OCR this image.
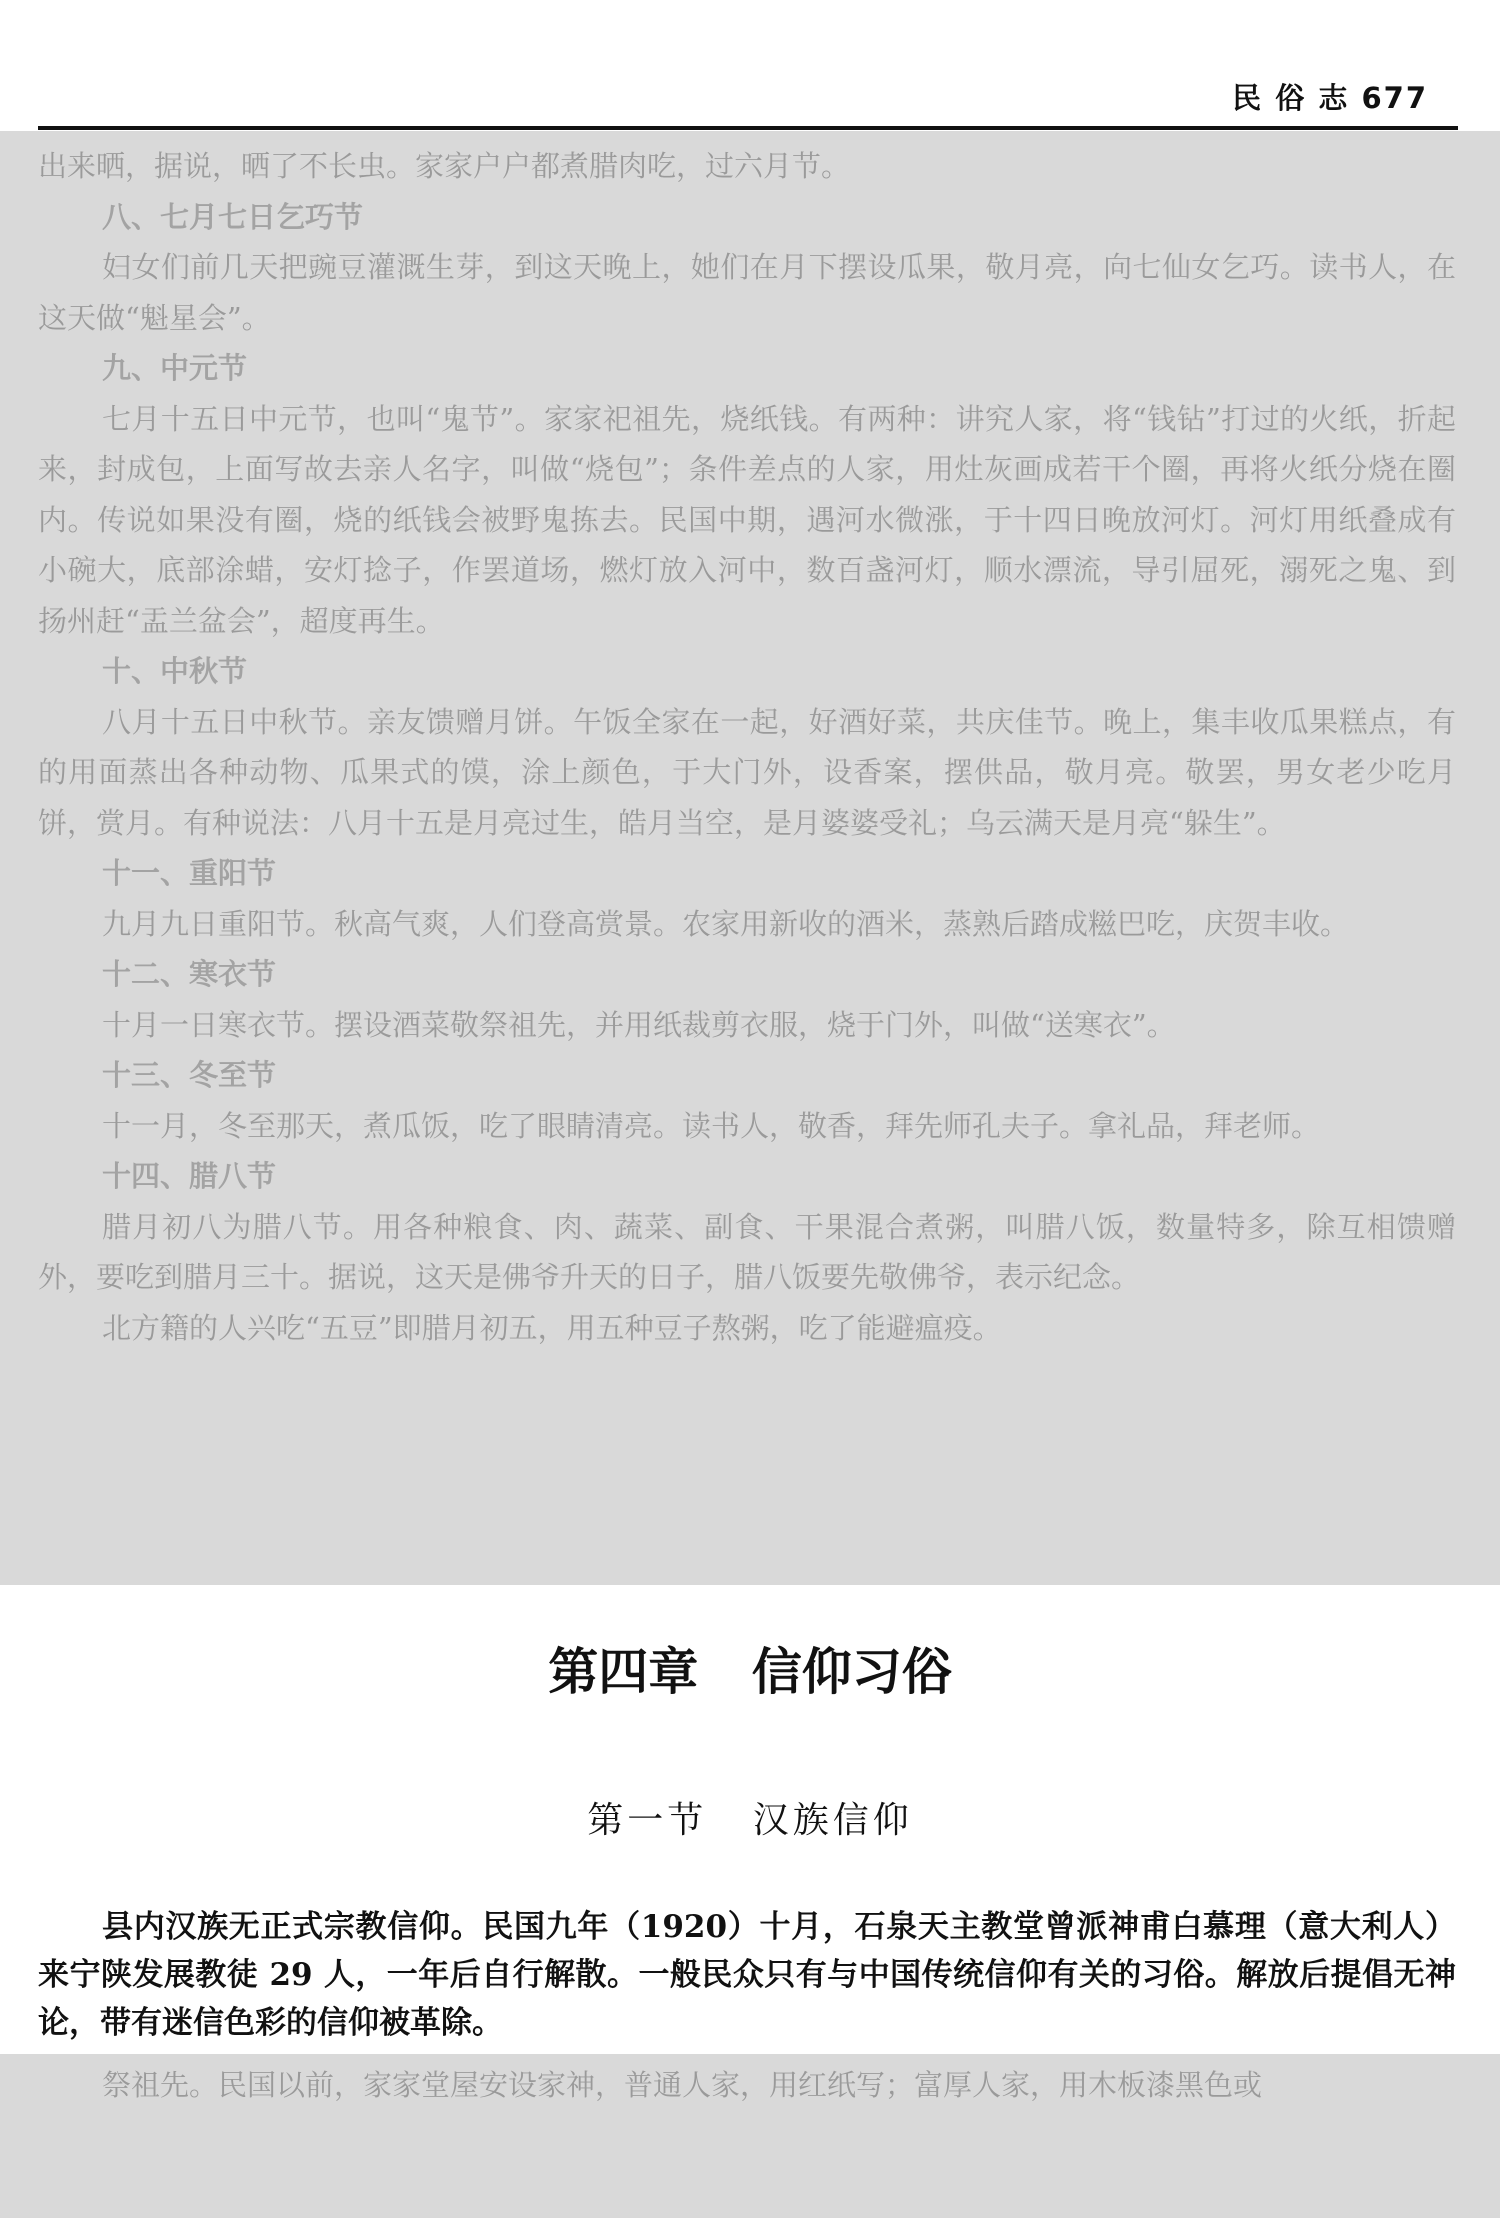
民 俗 志 677

出来晒，据说，晒了不长虫。家家户户都煮腊肉吃，过六月节。

八、七月七日乞巧节

妇女们前几天把豌豆灌溉生芽，到这天晚上，她们在月下摆设瓜果，敬月亮，向七仙女乞巧。读书人，在这天做“魁星会”。

九、中元节

七月十五日中元节，也叫“鬼节”。家家祀祖先，烧纸钱。有两种：讲究人家，将“钱钻”打过的火纸，折起来，封成包，上面写故去亲人名字，叫做“烧包”；条件差点的人家，用灶灰画成若干个圈，再将火纸分烧在圈内。传说如果没有圈，烧的纸钱会被野鬼拣去。民国中期，遇河水微涨，于十四日晚放河灯。河灯用纸叠成有小碗大，底部涂蜡，安灯捻子，作罢道场，燃灯放入河中，数百盏河灯，顺水漂流，导引屈死，溺死之鬼、到扬州赶“盂兰盆会”，超度再生。

十、中秋节

八月十五日中秋节。亲友馈赠月饼。午饭全家在一起，好酒好菜，共庆佳节。晚上，集丰收瓜果糕点，有的用面蒸出各种动物、瓜果式的馍，涂上颜色，于大门外，设香案，摆供品，敬月亮。敬罢，男女老少吃月饼，赏月。有种说法：八月十五是月亮过生，皓月当空，是月婆婆受礼；乌云满天是月亮“躲生”。

十一、重阳节

九月九日重阳节。秋高气爽，人们登高赏景。农家用新收的酒米，蒸熟后踏成糍巴吃，庆贺丰收。

十二、寒衣节

十月一日寒衣节。摆设酒菜敬祭祖先，并用纸裁剪衣服，烧于门外，叫做“送寒衣”。

十三、冬至节

十一月，冬至那天，煮瓜饭，吃了眼睛清亮。读书人，敬香，拜先师孔夫子。拿礼品，拜老师。

十四、腊八节

腊月初八为腊八节。用各种粮食、肉、蔬菜、副食、干果混合煮粥，叫腊八饭，数量特多，除互相馈赠外，要吃到腊月三十。据说，这天是佛爷升天的日子，腊八饭要先敬佛爷，表示纪念。

北方籍的人兴吃“五豆”即腊月初五，用五种豆子熬粥，吃了能避瘟疫。

第四章 信仰习俗
第一节 汉族信仰

县内汉族无正式宗教信仰。民国九年（1920）十月，石泉天主教堂曾派神甫白慕理（意大利人）来宁陕发展教徒 29 人，一年后自行解散。一般民众只有与中国传统信仰有关的习俗。解放后提倡无神论，带有迷信色彩的信仰被革除。

祭祖先。民国以前，家家堂屋安设家神，普通人家，用红纸写；富厚人家，用木板漆黑色或
